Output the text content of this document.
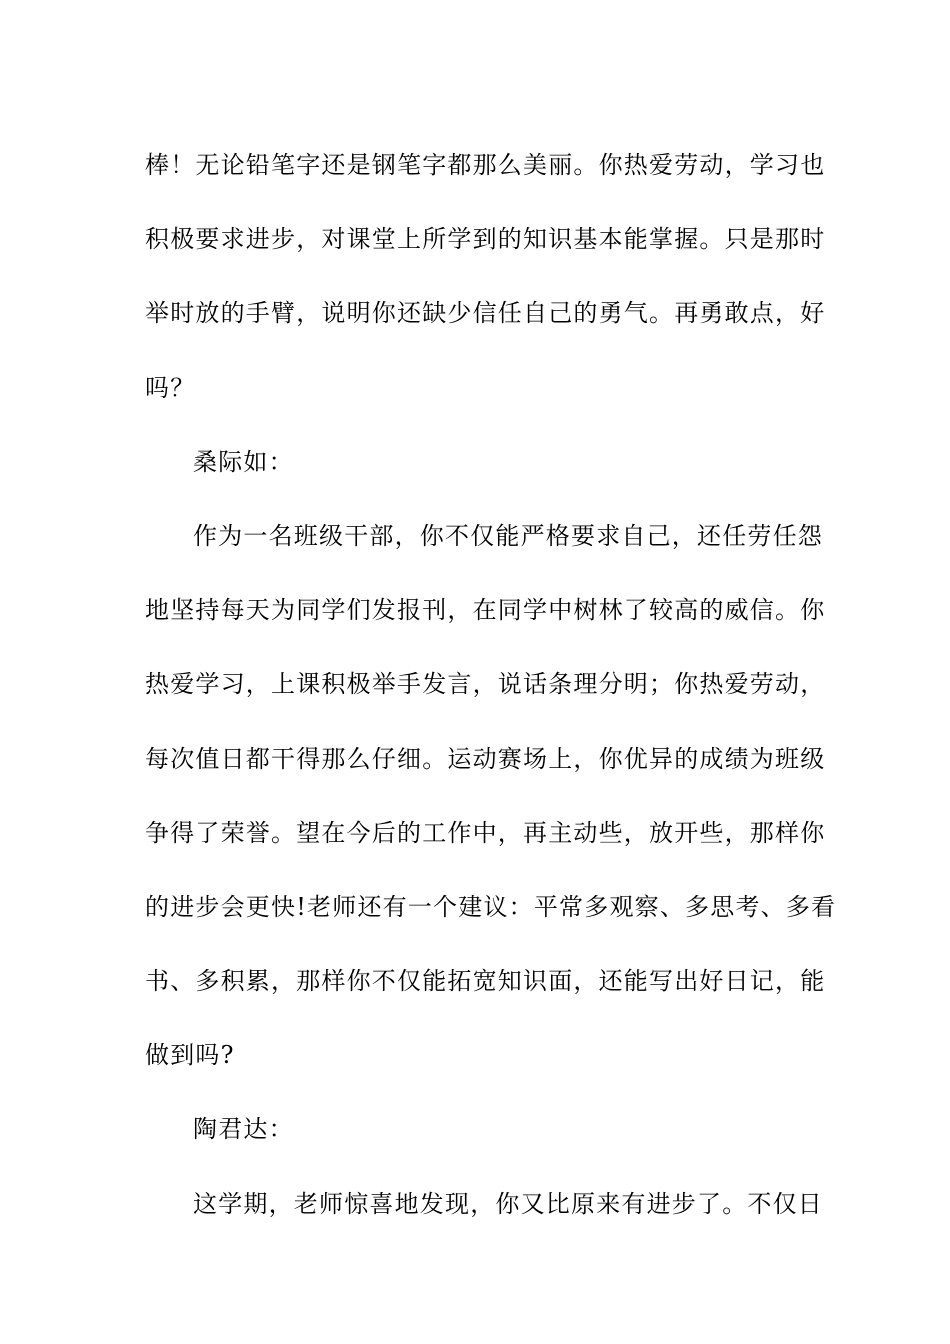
棒！无论铅笔字还是钢笔字都那么美丽。你热爱劳动，学习也
积极要求进步，对课堂上所学到的知识基本能掌握。只是那时
举时放的手臂，说明你还缺少信任自己的勇气。再勇敢点，好
吗？
桑际如：
作为一名班级干部，你不仅能严格要求自己，还任劳任怨
地坚持每天为同学们发报刊，在同学中树林了较高的威信。你
热爱学习，上课积极举手发言，说话条理分明；你热爱劳动，
每次值日都干得那么仔细。运动赛场上，你优异的成绩为班级
争得了荣誉。望在今后的工作中，再主动些，放开些，那样你
的进步会更快!老师还有一个建议：平常多观察、多思考、多看
书、多积累，那样你不仅能拓宽知识面，还能写出好日记，能
做到吗?
陶君达：
这学期，老师惊喜地发现，你又比原来有进步了。不仅日
